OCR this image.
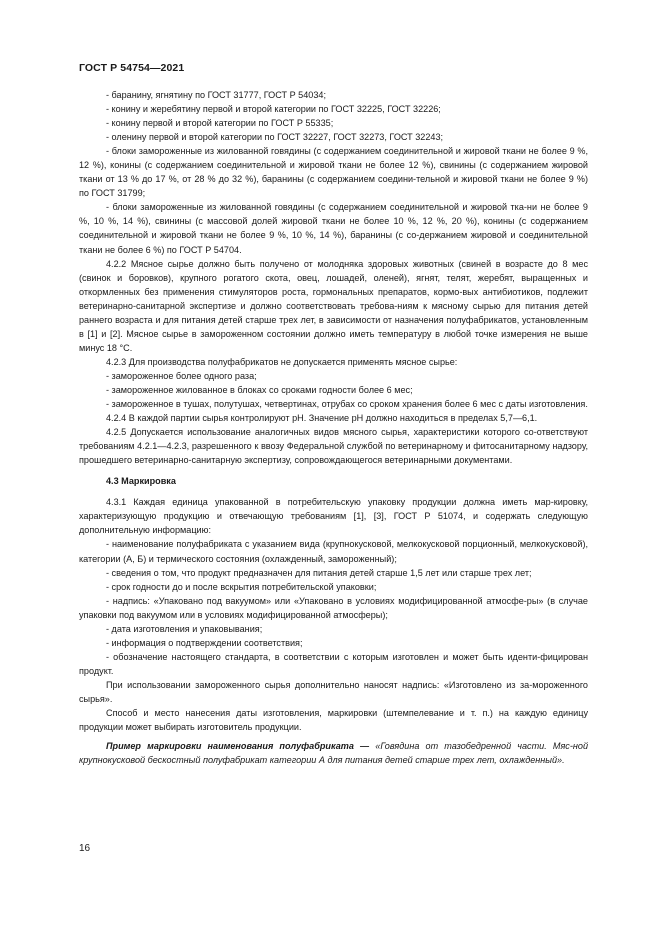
ГОСТ Р 54754—2021

- баранину, ягнятину по ГОСТ 31777, ГОСТ Р 54034;

- конину и жеребятину первой и второй категории по ГОСТ 32225, ГОСТ 32226;

- конину первой и второй категории по ГОСТ Р 55335;

- оленину первой и второй категории по ГОСТ 32227, ГОСТ 32273, ГОСТ 32243;

- блоки замороженные из жилованной говядины (с содержанием соединительной и жировой ткани не более 9 %, 12 %), конины (с содержанием соединительной и жировой ткани не более 12 %), свинины (с содержанием жировой ткани от 13 % до 17 %, от 28 % до 32 %), баранины (с содержанием соедини-тельной и жировой ткани не более 9 %) по ГОСТ 31799;

- блоки замороженные из жилованной говядины (с содержанием соединительной и жировой тка-ни не более 9 %, 10 %, 14 %), свинины (с массовой долей жировой ткани не более 10 %, 12 %, 20 %), конины (с содержанием соединительной и жировой ткани не более 9 %, 10 %, 14 %), баранины (с со-держанием жировой и соединительной ткани не более 6 %) по ГОСТ Р 54704.

4.2.2 Мясное сырье должно быть получено от молодняка здоровых животных (свиней в возрасте до 8 мес (свинок и боровков), крупного рогатого скота, овец, лошадей, оленей), ягнят, телят, жеребят, выращенных и откормленных без применения стимуляторов роста, гормональных препаратов, кормо-вых антибиотиков, подлежит ветеринарно-санитарной экспертизе и должно соответствовать требова-ниям к мясному сырью для питания детей раннего возраста и для питания детей старше трех лет, в зависимости от назначения полуфабрикатов, установленным в [1] и [2]. Мясное сырье в замороженном состоянии должно иметь температуру в любой точке измерения не выше минус 18 °С.

4.2.3 Для производства полуфабрикатов не допускается применять мясное сырье:

- замороженное более одного раза;

- замороженное жилованное в блоках со сроками годности более 6 мес;

- замороженное в тушах, полутушах, четвертинах, отрубах со сроком хранения более 6 мес с даты изготовления.

4.2.4 В каждой партии сырья контролируют pH. Значение pH должно находиться в пределах 5,7—6,1.

4.2.5 Допускается использование аналогичных видов мясного сырья, характеристики которого со-ответствуют требованиям 4.2.1—4.2.3, разрешенного к ввозу Федеральной службой по ветеринарному и фитосанитарному надзору, прошедшего ветеринарно-санитарную экспертизу, сопровождающегося ветеринарными документами.

4.3 Маркировка

4.3.1 Каждая единица упакованной в потребительскую упаковку продукции должна иметь мар-кировку, характеризующую продукцию и отвечающую требованиям [1], [3], ГОСТ Р 51074, и содержать следующую дополнительную информацию:

- наименование полуфабриката с указанием вида (крупнокусковой, мелкокусковой порционный, мелкокусковой), категории (А, Б) и термического состояния (охлажденный, замороженный);

- сведения о том, что продукт предназначен для питания детей старше 1,5 лет или старше трех лет;

- срок годности до и после вскрытия потребительской упаковки;

- надпись: «Упаковано под вакуумом» или «Упаковано в условиях модифицированной атмосфе-ры» (в случае упаковки под вакуумом или в условиях модифицированной атмосферы);

- дата изготовления и упаковывания;

- информация о подтверждении соответствия;

- обозначение настоящего стандарта, в соответствии с которым изготовлен и может быть иденти-фицирован продукт.

При использовании замороженного сырья дополнительно наносят надпись: «Изготовлено из за-мороженного сырья».

Способ и место нанесения даты изготовления, маркировки (штемпелевание и т. п.) на каждую единицу продукции может выбирать изготовитель продукции.

Пример маркировки наименования полуфабриката — «Говядина от тазобедренной части. Мяс-ной крупнокусковой бескостный полуфабрикат категории А для питания детей старше трех лет, охлажденный».

16
